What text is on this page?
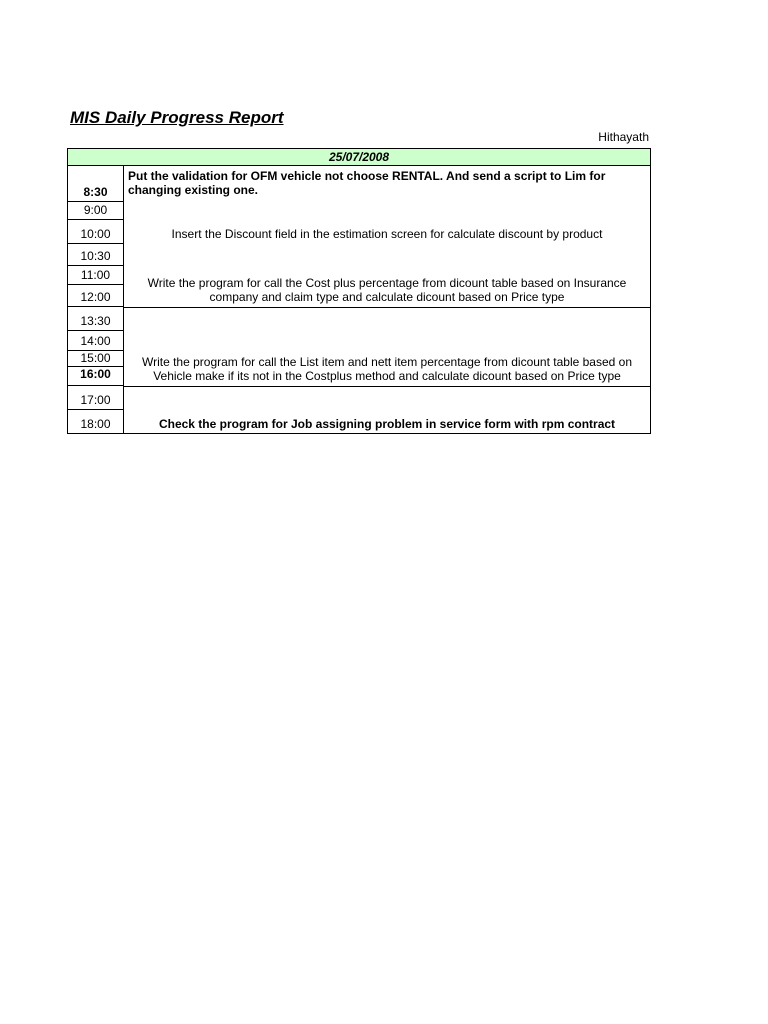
MIS Daily Progress Report
Hithayath
25/07/2008
8:30
9:00
10:00
10:30
11:00
12:00
13:30
14:00
15:00
16:00
17:00
18:00
Put the validation for OFM vehicle not choose RENTAL. And send a script to Lim for changing existing one.
Insert the Discount field in the estimation screen for calculate discount by product
Write the program for call the Cost plus percentage from dicount table based on Insurance company and claim type and calculate dicount based on Price type
Write the program for call the List item and nett item percentage from dicount table based on Vehicle make if its not in the Costplus method and calculate dicount based on Price type
Check the program for Job assigning problem in service form with rpm contract
